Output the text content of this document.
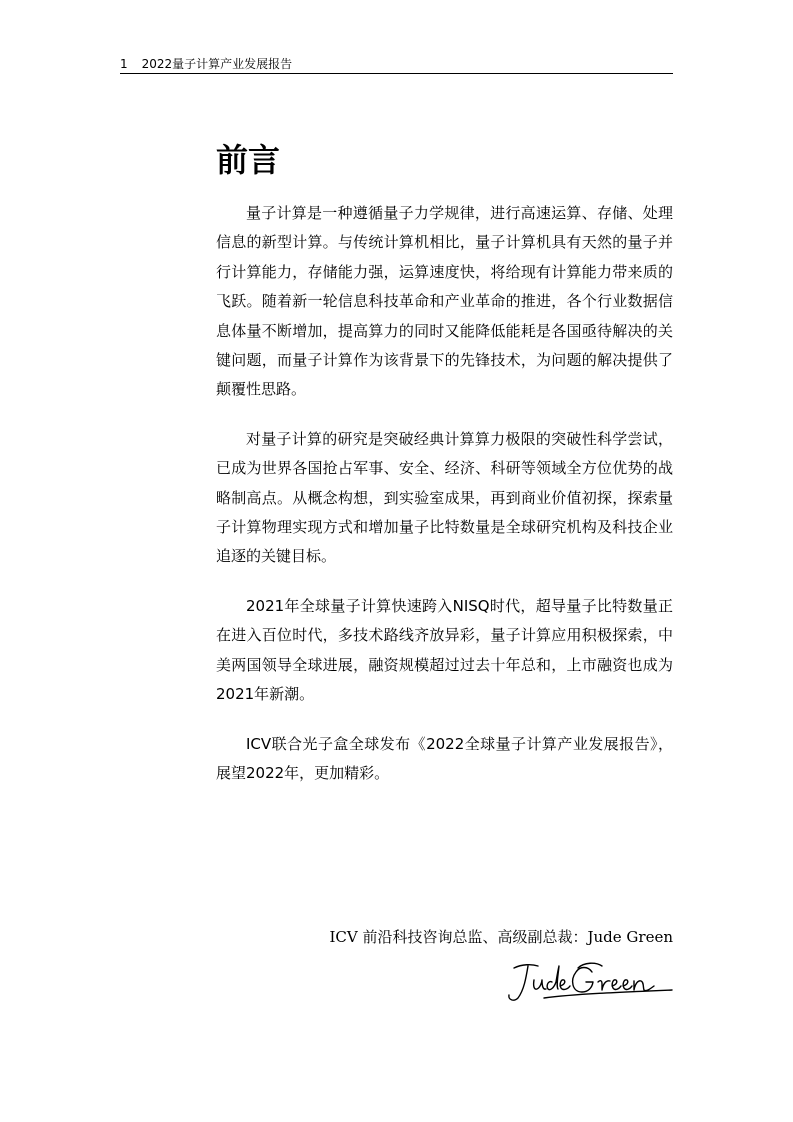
1 2022量子计算产业发展报告
前言

量子计算是一种遵循量子力学规律，进行高速运算、存储、处理信息的新型计算。与传统计算机相比，量子计算机具有天然的量子并行计算能力，存储能力强，运算速度快，将给现有计算能力带来质的飞跃。随着新一轮信息科技革命和产业革命的推进，各个行业数据信息体量不断增加，提高算力的同时又能降低能耗是各国亟待解决的关键问题，而量子计算作为该背景下的先锋技术，为问题的解决提供了颠覆性思路。

对量子计算的研究是突破经典计算算力极限的突破性科学尝试，已成为世界各国抢占军事、安全、经济、科研等领域全方位优势的战略制高点。从概念构想，到实验室成果，再到商业价值初探，探索量子计算物理实现方式和增加量子比特数量是全球研究机构及科技企业追逐的关键目标。

2021年全球量子计算快速跨入NISQ时代，超导量子比特数量正在进入百位时代，多技术路线齐放异彩，量子计算应用积极探索，中美两国领导全球进展，融资规模超过过去十年总和，上市融资也成为2021年新潮。

ICV联合光子盒全球发布《2022全球量子计算产业发展报告》，展望2022年，更加精彩。

ICV 前沿科技咨询总监、高级副总裁：Jude Green
